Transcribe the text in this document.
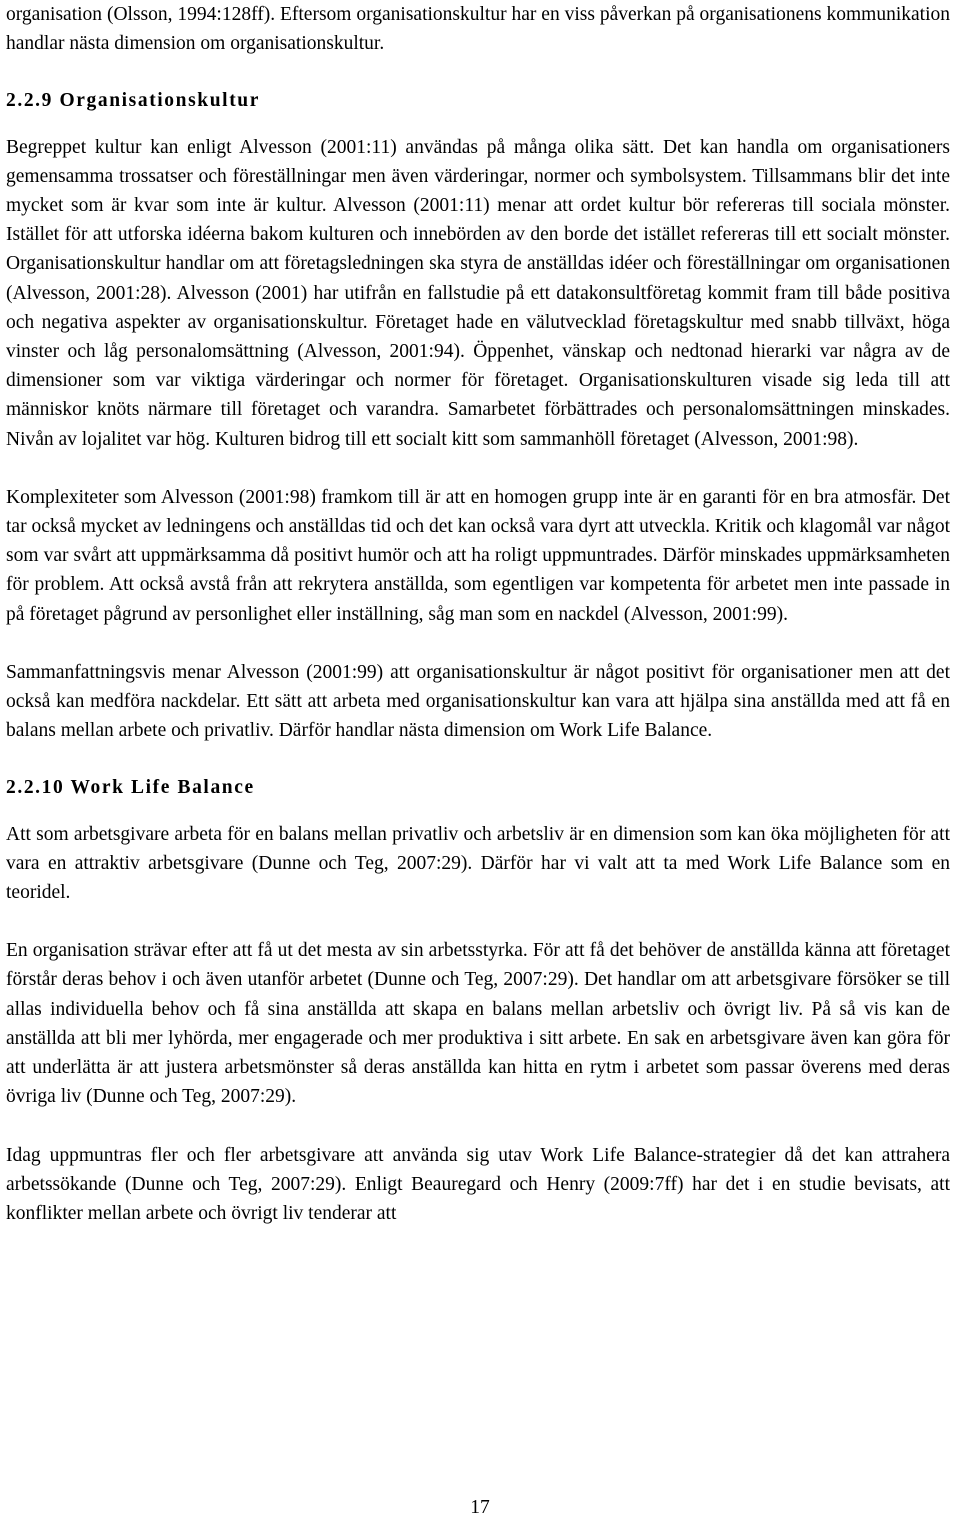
organisation (Olsson, 1994:128ff). Eftersom organisationskultur har en viss påverkan på organisationens kommunikation handlar nästa dimension om organisationskultur.

2.2.9 Organisationskultur

Begreppet kultur kan enligt Alvesson (2001:11) användas på många olika sätt. Det kan handla om organisationers gemensamma trossatser och föreställningar men även värderingar, normer och symbolsystem. Tillsammans blir det inte mycket som är kvar som inte är kultur. Alvesson (2001:11) menar att ordet kultur bör refereras till sociala mönster. Istället för att utforska idéerna bakom kulturen och innebörden av den borde det istället refereras till ett socialt mönster. Organisationskultur handlar om att företagsledningen ska styra de anställdas idéer och föreställningar om organisationen (Alvesson, 2001:28). Alvesson (2001) har utifrån en fallstudie på ett datakonsultföretag kommit fram till både positiva och negativa aspekter av organisationskultur. Företaget hade en välutvecklad företagskultur med snabb tillväxt, höga vinster och låg personalomsättning (Alvesson, 2001:94). Öppenhet, vänskap och nedtonad hierarki var några av de dimensioner som var viktiga värderingar och normer för företaget. Organisationskulturen visade sig leda till att människor knöts närmare till företaget och varandra. Samarbetet förbättrades och personalomsättningen minskades. Nivån av lojalitet var hög. Kulturen bidrog till ett socialt kitt som sammanhöll företaget (Alvesson, 2001:98).

Komplexiteter som Alvesson (2001:98) framkom till är att en homogen grupp inte är en garanti för en bra atmosfär. Det tar också mycket av ledningens och anställdas tid och det kan också vara dyrt att utveckla. Kritik och klagomål var något som var svårt att uppmärksamma då positivt humör och att ha roligt uppmuntrades. Därför minskades uppmärksamheten för problem. Att också avstå från att rekrytera anställda, som egentligen var kompetenta för arbetet men inte passade in på företaget pågrund av personlighet eller inställning, såg man som en nackdel (Alvesson, 2001:99).

Sammanfattningsvis menar Alvesson (2001:99) att organisationskultur är något positivt för organisationer men att det också kan medföra nackdelar. Ett sätt att arbeta med organisationskultur kan vara att hjälpa sina anställda med att få en balans mellan arbete och privatliv. Därför handlar nästa dimension om Work Life Balance.

2.2.10 Work Life Balance

Att som arbetsgivare arbeta för en balans mellan privatliv och arbetsliv är en dimension som kan öka möjligheten för att vara en attraktiv arbetsgivare (Dunne och Teg, 2007:29). Därför har vi valt att ta med Work Life Balance som en teoridel.

En organisation strävar efter att få ut det mesta av sin arbetsstyrka. För att få det behöver de anställda känna att företaget förstår deras behov i och även utanför arbetet (Dunne och Teg, 2007:29). Det handlar om att arbetsgivare försöker se till allas individuella behov och få sina anställda att skapa en balans mellan arbetsliv och övrigt liv. På så vis kan de anställda att bli mer lyhörda, mer engagerade och mer produktiva i sitt arbete. En sak en arbetsgivare även kan göra för att underlätta är att justera arbetsmönster så deras anställda kan hitta en rytm i arbetet som passar överens med deras övriga liv (Dunne och Teg, 2007:29).

Idag uppmuntras fler och fler arbetsgivare att använda sig utav Work Life Balance-strategier då det kan attrahera arbetssökande (Dunne och Teg, 2007:29). Enligt Beauregard och Henry (2009:7ff) har det i en studie bevisats, att konflikter mellan arbete och övrigt liv tenderar att

17
